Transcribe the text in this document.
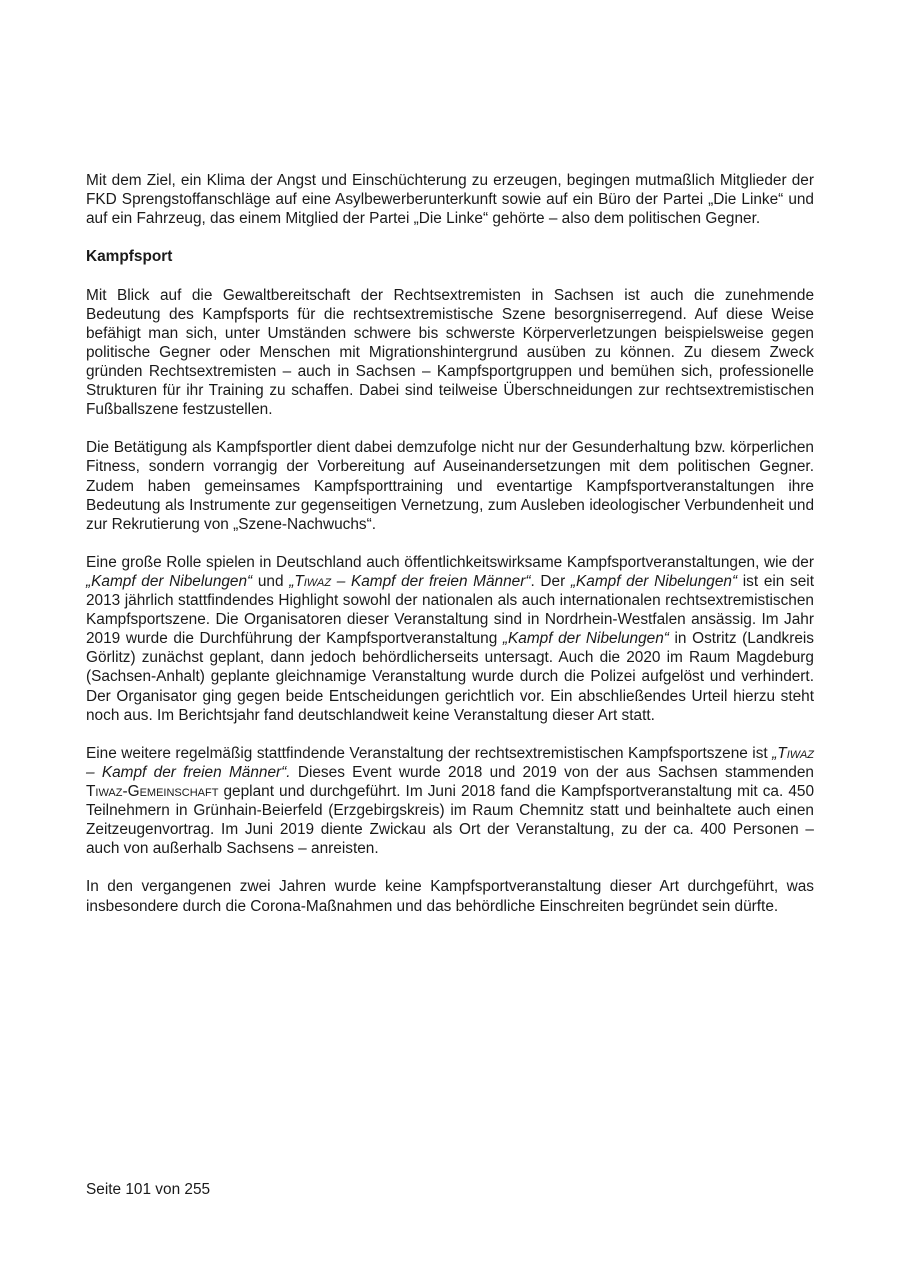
Mit dem Ziel, ein Klima der Angst und Einschüchterung zu erzeugen, begingen mutmaßlich Mitglieder der FKD Sprengstoffanschläge auf eine Asylbewerberunterkunft sowie auf ein Büro der Partei „Die Linke“ und auf ein Fahrzeug, das einem Mitglied der Partei „Die Linke“ gehörte – also dem politischen Gegner.

Kampfsport

Mit Blick auf die Gewaltbereitschaft der Rechtsextremisten in Sachsen ist auch die zunehmende Bedeutung des Kampfsports für die rechtsextremistische Szene besorgniserregend. Auf diese Weise befähigt man sich, unter Umständen schwere bis schwerste Körperverletzungen beispielsweise gegen politische Gegner oder Menschen mit Migrationshintergrund ausüben zu können. Zu diesem Zweck gründen Rechtsextremisten – auch in Sachsen – Kampfsportgruppen und bemühen sich, professionelle Strukturen für ihr Training zu schaffen. Dabei sind teilweise Überschneidungen zur rechtsextremistischen Fußballszene festzustellen.

Die Betätigung als Kampfsportler dient dabei demzufolge nicht nur der Gesunderhaltung bzw. körperlichen Fitness, sondern vorrangig der Vorbereitung auf Auseinandersetzungen mit dem politischen Gegner. Zudem haben gemeinsames Kampfsporttraining und eventartige Kampfsportveranstaltungen ihre Bedeutung als Instrumente zur gegenseitigen Vernetzung, zum Ausleben ideologischer Verbundenheit und zur Rekrutierung von „Szene-Nachwuchs“.

Eine große Rolle spielen in Deutschland auch öffentlichkeitswirksame Kampfsportveranstaltungen, wie der „Kampf der Nibelungen“ und „Tiwaz – Kampf der freien Männer“. Der „Kampf der Nibelungen“ ist ein seit 2013 jährlich stattfindendes Highlight sowohl der nationalen als auch internationalen rechtsextremistischen Kampfsportszene. Die Organisatoren dieser Veranstaltung sind in Nordrhein-Westfalen ansässig. Im Jahr 2019 wurde die Durchführung der Kampfsportveranstaltung „Kampf der Nibelungen“ in Ostritz (Landkreis Görlitz) zunächst geplant, dann jedoch behördlicherseits untersagt. Auch die 2020 im Raum Magdeburg (Sachsen-Anhalt) geplante gleichnamige Veranstaltung wurde durch die Polizei aufgelöst und verhindert. Der Organisator ging gegen beide Entscheidungen gerichtlich vor. Ein abschließendes Urteil hierzu steht noch aus. Im Berichtsjahr fand deutschlandweit keine Veranstaltung dieser Art statt.

Eine weitere regelmäßig stattfindende Veranstaltung der rechtsextremistischen Kampfsportszene ist „Tiwaz – Kampf der freien Männer“. Dieses Event wurde 2018 und 2019 von der aus Sachsen stammenden Tiwaz-Gemeinschaft geplant und durchgeführt. Im Juni 2018 fand die Kampfsportveranstaltung mit ca. 450 Teilnehmern in Grünhain-Beierfeld (Erzgebirgskreis) im Raum Chemnitz statt und beinhaltete auch einen Zeitzeugenvortrag. Im Juni 2019 diente Zwickau als Ort der Veranstaltung, zu der ca. 400 Personen – auch von außerhalb Sachsens – anreisten.

In den vergangenen zwei Jahren wurde keine Kampfsportveranstaltung dieser Art durchgeführt, was insbesondere durch die Corona-Maßnahmen und das behördliche Einschreiten begründet sein dürfte.

Seite 101 von 255
